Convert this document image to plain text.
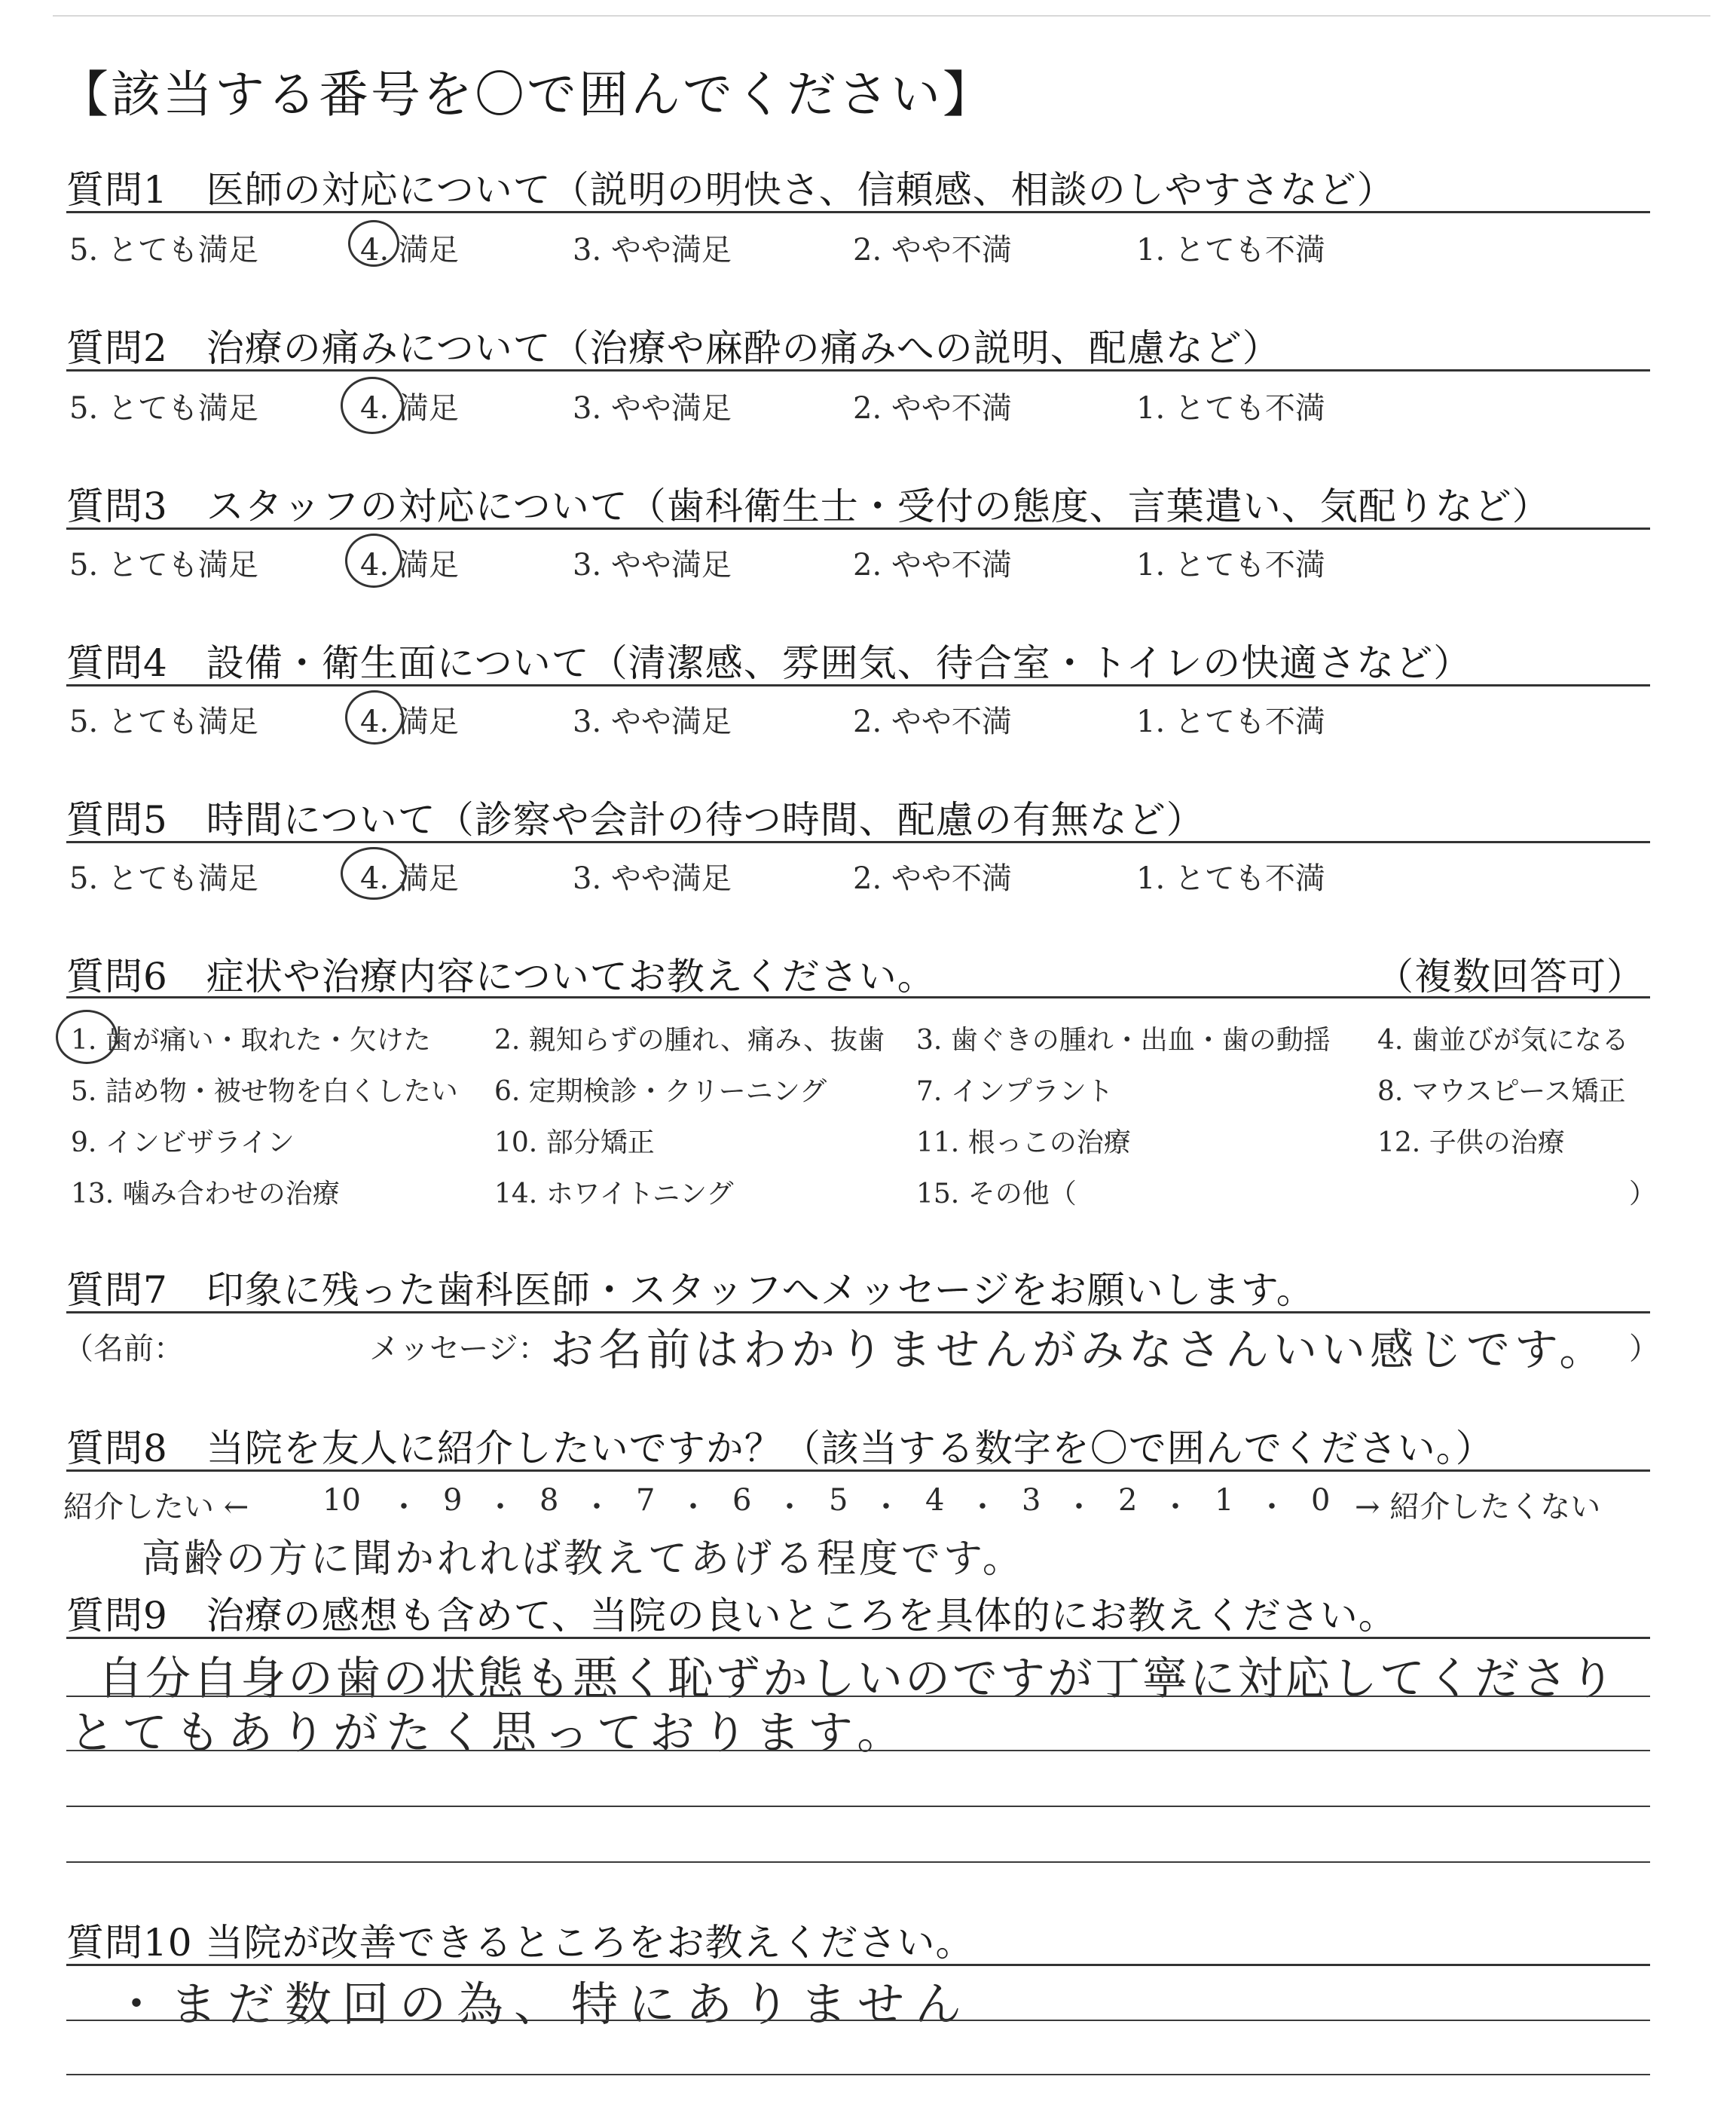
【該当する番号を〇で囲んでください】
質問1　医師の対応について（説明の明快さ、信頼感、相談のしやすさなど）
5. とても満足	4. 満足	3. やや満足	2. やや不満	1. とても不満
質問2　治療の痛みについて（治療や麻酔の痛みへの説明、配慮など）
5. とても満足	4. 満足	3. やや満足	2. やや不満	1. とても不満
質問3　スタッフの対応について（歯科衛生士・受付の態度、言葉遣い、気配りなど）
5. とても満足	4. 満足	3. やや満足	2. やや不満	1. とても不満
質問4　設備・衛生面について（清潔感、雰囲気、待合室・トイレの快適さなど）
5. とても満足	4. 満足	3. やや満足	2. やや不満	1. とても不満
質問5　時間について（診察や会計の待つ時間、配慮の有無など）
5. とても満足	4. 満足	3. やや満足	2. やや不満	1. とても不満
質問6　症状や治療内容についてお教えください。	（複数回答可）
1. 歯が痛い・取れた・欠けた 2. 親知らずの腫れ、痛み、抜歯 3. 歯ぐきの腫れ・出血・歯の動揺 4. 歯並びが気になる
5. 詰め物・被せ物を白くしたい 6. 定期検診・クリーニング	7. インプラント	8. マウスピース矯正
9. インビザライン	10. 部分矯正	11. 根っこの治療	12. 子供の治療
13. 噛み合わせの治療	14. ホワイトニング	15. その他（	）
質問7　印象に残った歯科医師・スタッフへメッセージをお願いします。
（名前：	メッセージ： お名前はわかりませんがみなさんいい感じです。 ）
質問8　当院を友人に紹介したいですか？（該当する数字を〇で囲んでください。）
紹介したい ← 10 ・ 9 ・ 8 ・ 7 ・ 6 ・ 5 ・ 4 ・ 3 ・ 2 ・ 1 ・ 0 → 紹介したくない
高齢の方に聞かれれば教えてあげる程度です。
質問9　治療の感想も含めて、当院の良いところを具体的にお教えください。
自分自身の歯の状態も悪く恥ずかしいのですが丁寧に対応してくださり
とてもありがたく思っております。
質問10 当院が改善できるところをお教えください。
・まだ数回の為、特にありません
